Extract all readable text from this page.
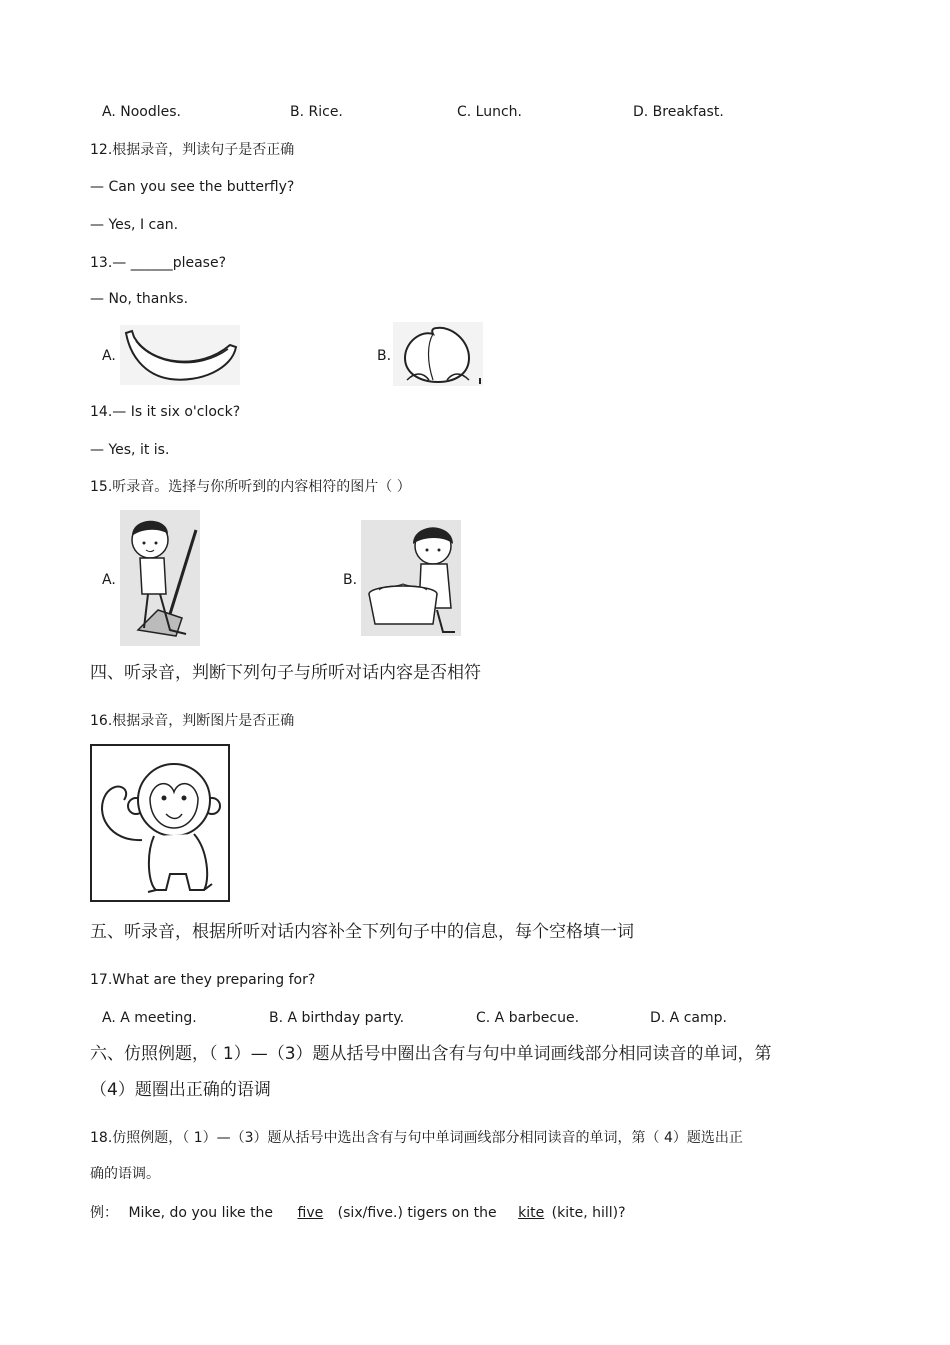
A. Noodles.	B. Rice.	C. Lunch.	D. Breakfast.
12.根据录音，判读句子是否正确
— Can you see the butterfly?
— Yes, I can.
13.— ______please?
— No, thanks.
A.	B.
14.— Is it six o'clock?
— Yes, it is.
15.听录音。选择与你所听到的内容相符的图片（ ）
A.	B.
四、听录音，判断下列句子与所听对话内容是否相符
16.根据录音，判断图片是否正确
五、听录音，根据所听对话内容补全下列句子中的信息，每个空格填一词
17.What are they preparing for?
A. A meeting.	B. A birthday party.	C. A barbecue.	D. A camp.
六、仿照例题，（ 1）—（3）题从括号中圈出含有与句中单词画线部分相同读音的单词，第
（4）题圈出正确的语调
18.仿照例题，（ 1）—（3）题从括号中选出含有与句中单词画线部分相同读音的单词，第（ 4）题选出正
确的语调。
例： Mike, do you like the five (six/five.) tigers on the kite (kite, hill)?
